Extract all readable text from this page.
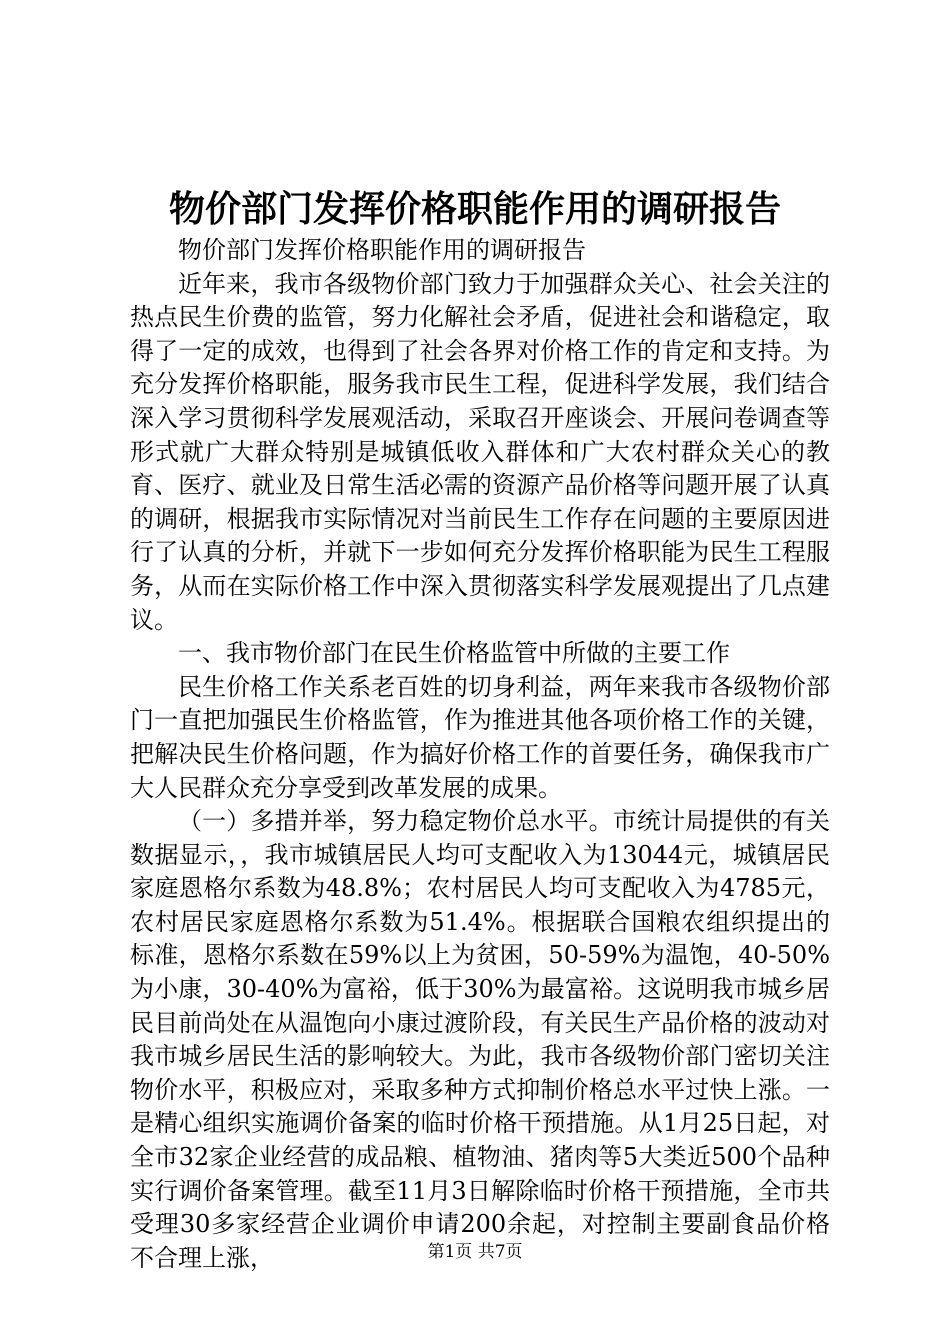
物价部门发挥价格职能作用的调研报告

物价部门发挥价格职能作用的调研报告

近年来，我市各级物价部门致力于加强群众关心、社会关注的热点民生价费的监管，努力化解社会矛盾，促进社会和谐稳定，取得了一定的成效，也得到了社会各界对价格工作的肯定和支持。为充分发挥价格职能，服务我市民生工程，促进科学发展，我们结合深入学习贯彻科学发展观活动，采取召开座谈会、开展问卷调查等形式就广大群众特别是城镇低收入群体和广大农村群众关心的教育、医疗、就业及日常生活必需的资源产品价格等问题开展了认真的调研，根据我市实际情况对当前民生工作存在问题的主要原因进行了认真的分析，并就下一步如何充分发挥价格职能为民生工程服务，从而在实际价格工作中深入贯彻落实科学发展观提出了几点建议。

一、我市物价部门在民生价格监管中所做的主要工作

民生价格工作关系老百姓的切身利益，两年来我市各级物价部门一直把加强民生价格监管，作为推进其他各项价格工作的关键，把解决民生价格问题，作为搞好价格工作的首要任务，确保我市广大人民群众充分享受到改革发展的成果。

（一）多措并举，努力稳定物价总水平。市统计局提供的有关数据显示，，我市城镇居民人均可支配收入为13044元，城镇居民家庭恩格尔系数为48.8%；农村居民人均可支配收入为4785元，农村居民家庭恩格尔系数为51.4%。根据联合国粮农组织提出的标准，恩格尔系数在59%以上为贫困，50-59%为温饱，40-50%为小康，30-40%为富裕，低于30%为最富裕。这说明我市城乡居民目前尚处在从温饱向小康过渡阶段，有关民生产品价格的波动对我市城乡居民生活的影响较大。为此，我市各级物价部门密切关注物价水平，积极应对，采取多种方式抑制价格总水平过快上涨。一是精心组织实施调价备案的临时价格干预措施。从1月25日起，对全市32家企业经营的成品粮、植物油、猪肉等5大类近500个品种实行调价备案管理。截至11月3日解除临时价格干预措施，全市共受理30多家经营企业调价申请200余起，对控制主要副食品价格不合理上涨，	第1页 共7页
